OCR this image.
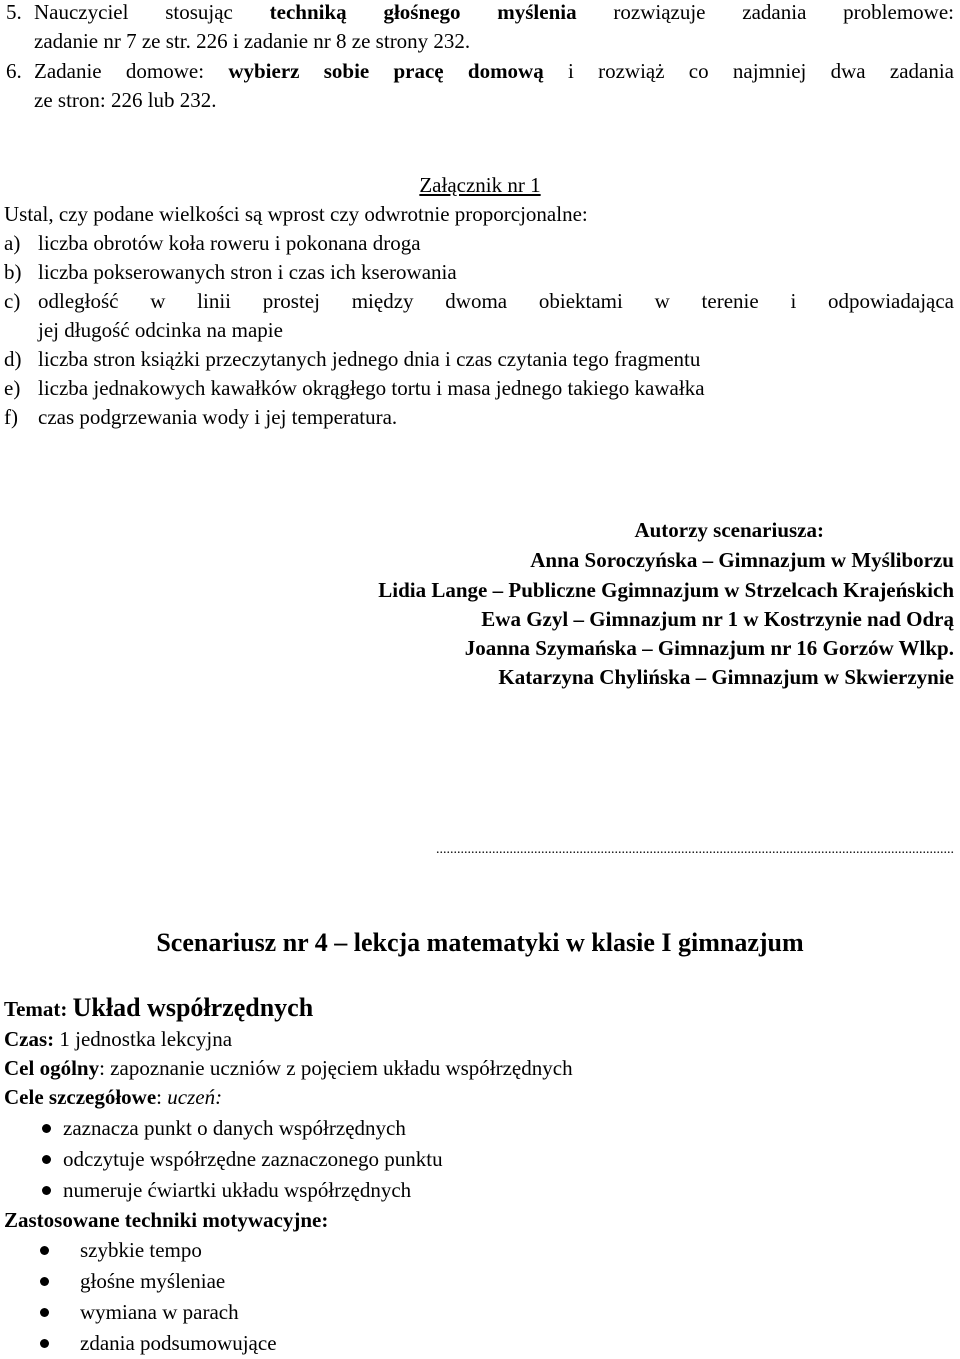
5. Nauczyciel stosując techniką głośnego myślenia rozwiązuje zadania problemowe:
zadanie nr 7 ze str. 226 i zadanie nr 8 ze strony 232.
6. Zadanie domowe: wybierz sobie pracę domową i rozwiąż co najmniej dwa zadania
ze stron: 226 lub 232.
Załącznik nr 1
Ustal, czy podane wielkości są wprost czy odwrotnie proporcjonalne:
a) liczba obrotów koła roweru i pokonana droga
b) liczba pokserowanych stron i czas ich kserowania
c) odległość w linii prostej między dwoma obiektami w terenie i odpowiadająca
jej długość odcinka na mapie
d) liczba stron książki przeczytanych jednego dnia i czas czytania tego fragmentu
e) liczba jednakowych kawałków okrągłego tortu i masa jednego takiego kawałka
f) czas podgrzewania wody i jej temperatura.
Autorzy scenariusza:
Anna Soroczyńska – Gimnazjum w Myśliborzu
Lidia Lange – Publiczne Ggimnazjum w Strzelcach Krajeńskich
Ewa Gzyl – Gimnazjum nr 1 w Kostrzynie nad Odrą
Joanna Szymańska – Gimnazjum nr 16 Gorzów Wlkp.
Katarzyna Chylińska – Gimnazjum w Skwierzynie
....................................................................................................................................................
Scenariusz nr 4 – lekcja matematyki w klasie I gimnazjum
Temat: Układ współrzędnych
Czas: 1 jednostka lekcyjna
Cel ogólny: zapoznanie uczniów z pojęciem układu współrzędnych
Cele szczegółowe: uczeń:
zaznacza punkt o danych współrzędnych
odczytuje współrzędne zaznaczonego punktu
numeruje ćwiartki układu współrzędnych
Zastosowane techniki motywacyjne:
szybkie tempo
głośne myśleniae
wymiana w parach
zdania podsumowujące
